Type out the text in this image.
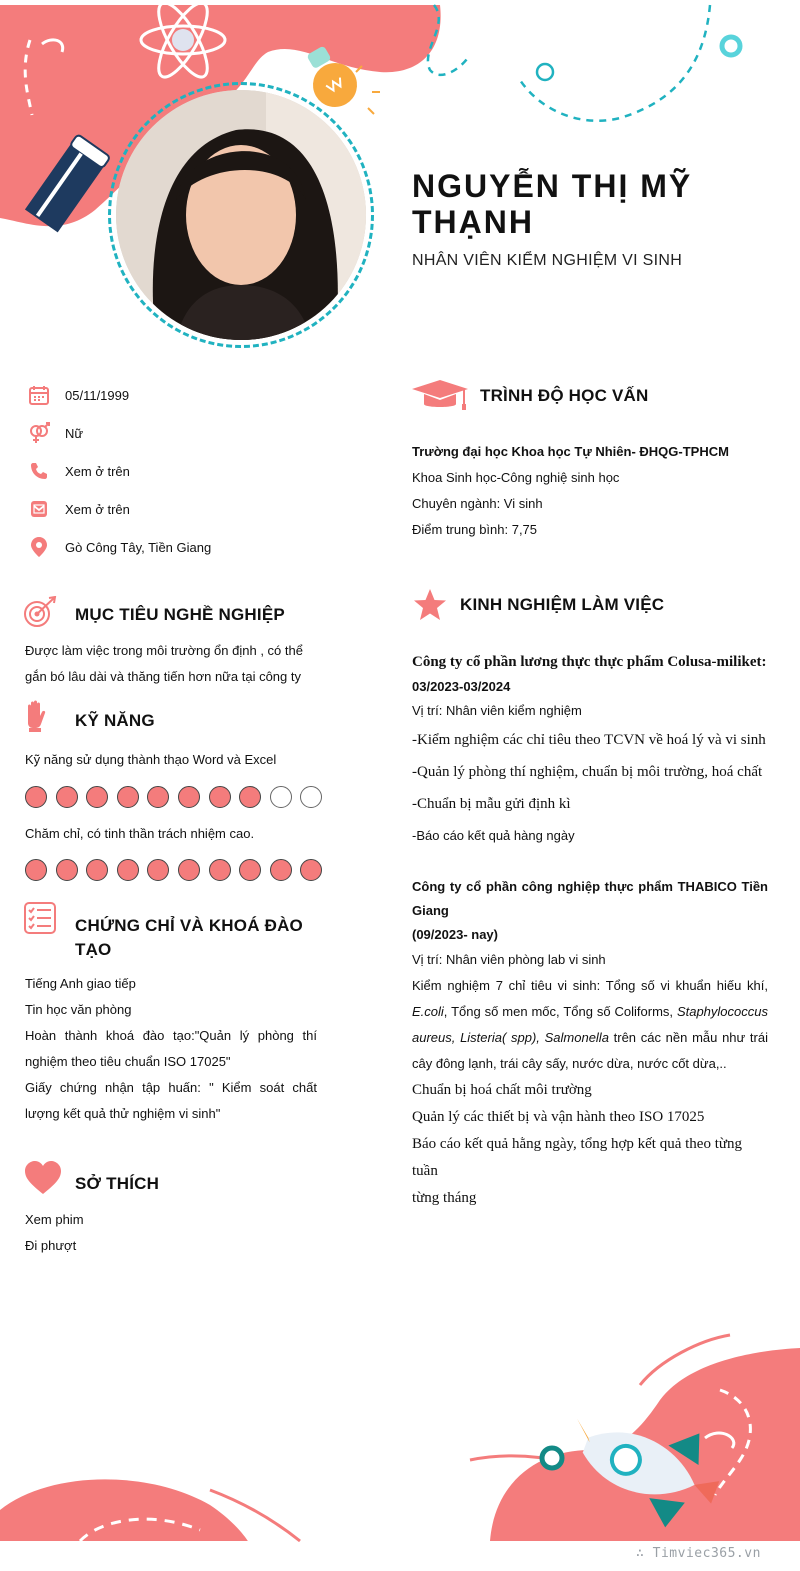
NGUYỄN THỊ MỸ THẠNH
NHÂN VIÊN KIỂM NGHIỆM VI SINH
05/11/1999
Nữ
Xem ở trên
Xem ở trên
Gò Công Tây, Tiền Giang
MỤC TIÊU NGHỀ NGHIỆP
Được làm việc trong môi trường ổn định , có thể
gắn bó lâu dài và thăng tiến hơn nữa tại công ty
KỸ NĂNG
Kỹ năng sử dụng thành thạo Word và Excel
Chăm chỉ, có tinh thần trách nhiệm cao.
CHỨNG CHỈ VÀ KHOÁ ĐÀO
TẠO
Tiếng Anh giao tiếp
Tin học văn phòng
Hoàn thành khoá đào tạo:"Quản lý phòng thí
nghiệm theo tiêu chuẩn ISO 17025"
Giấy chứng nhận tập huấn: " Kiểm soát chất
lượng kết quả thử nghiệm vi sinh"
SỞ THÍCH
Xem phim
Đi phượt
TRÌNH ĐỘ HỌC VẤN
Trường đại học Khoa học Tự Nhiên- ĐHQG-TPHCM
Khoa Sinh học-Công nghiệ sinh học
Chuyên ngành: Vi sinh
Điểm trung bình: 7,75
KINH NGHIỆM LÀM VIỆC
Công ty cổ phần lương thực thực phẩm Colusa-miliket:
03/2023-03/2024
Vị trí: Nhân viên kiểm nghiệm
-Kiểm nghiệm các chỉ tiêu theo TCVN về hoá lý và vi sinh
-Quản lý phòng thí nghiệm, chuẩn bị môi trường, hoá chất
-Chuẩn bị mẫu gửi định kì
-Báo cáo kết quả hàng ngày
Công ty cổ phần công nghiệp thực phẩm THABICO Tiền
Giang
(09/2023- nay)
Vị trí: Nhân viên phòng lab vi sinh
Kiểm nghiệm 7 chỉ tiêu vi sinh: Tổng số vi khuẩn hiếu khí,
E.coli, Tổng số men mốc, Tổng số Coliforms, Staphylococcus
aureus, Listeria( spp), Salmonella trên các nền mẫu như trái
cây đông lạnh, trái cây sấy, nước dừa, nước cốt dừa,..
Chuẩn bị hoá chất môi trường
Quản lý các thiết bị và vận hành theo ISO 17025
Báo cáo kết quả hằng ngày, tổng hợp kết quả theo từng tuần
từng tháng
∴ Timviec365.vn
